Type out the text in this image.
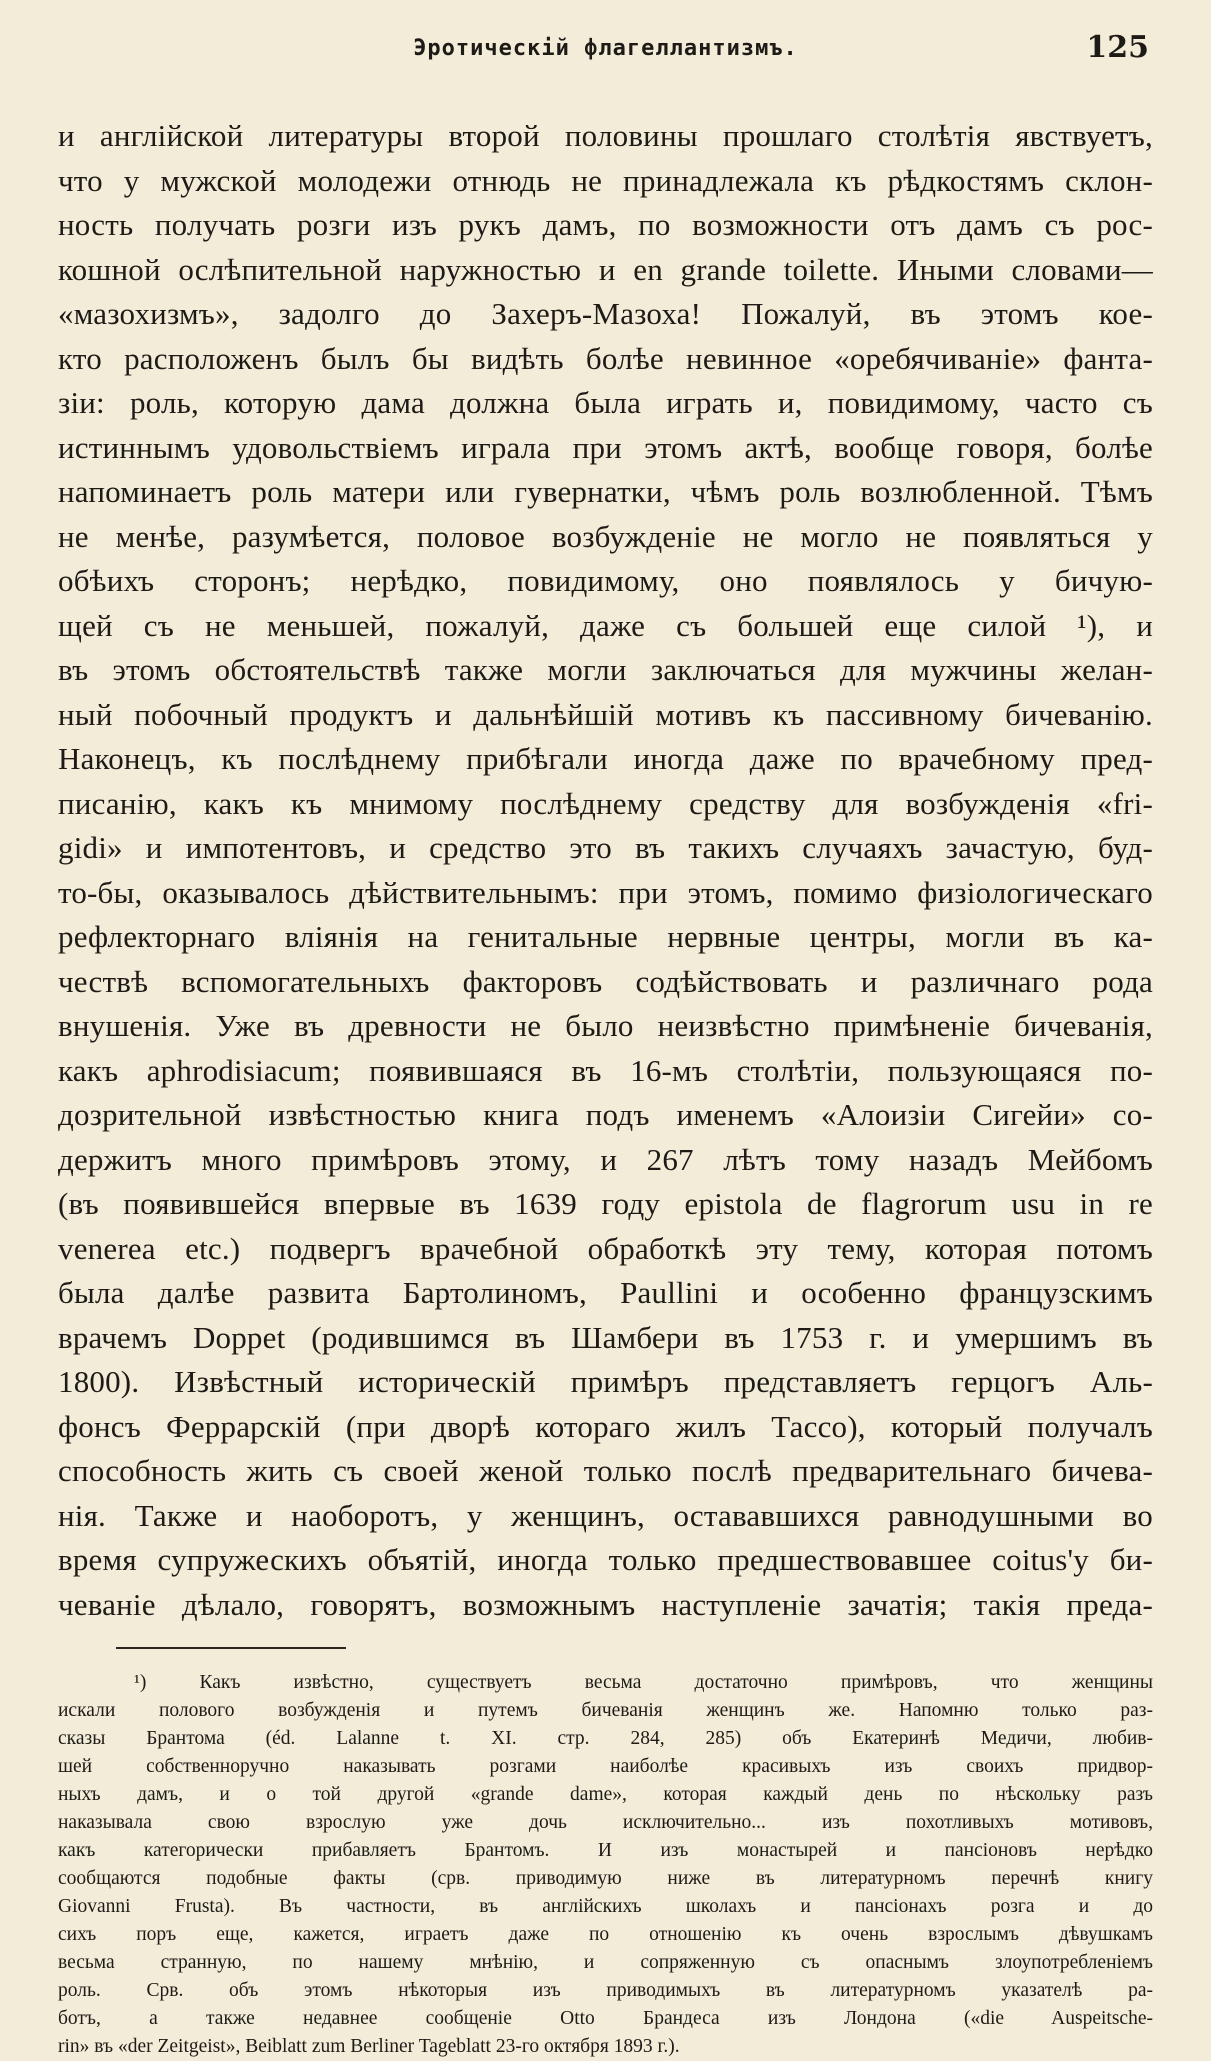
Эротическій флагеллантизмъ.	125
и англійской литературы второй половины прошлаго столѣтія явствуетъ,
что у мужской молодежи отнюдь не принадлежала къ рѣдкостямъ склон-
ность получать розги изъ рукъ дамъ, по возможности отъ дамъ съ рос-
кошной ослѣпительной наружностью и en grande toilette. Иными словами—
«мазохизмъ», задолго до Захеръ-Мазоха! Пожалуй, въ этомъ кое-
кто расположенъ былъ бы видѣть болѣе невинное «оребячиваніе» фанта-
зіи: роль, которую дама должна была играть и, повидимому, часто съ
истиннымъ удовольствіемъ играла при этомъ актѣ, вообще говоря, болѣе
напоминаетъ роль матери или гувернатки, чѣмъ роль возлюбленной. Тѣмъ
не менѣе, разумѣется, половое возбужденіе не могло не появляться у
обѣихъ сторонъ; нерѣдко, повидимому, оно появлялось у бичую-
щей съ не меньшей, пожалуй, даже съ большей еще силой ¹), и
въ этомъ обстоятельствѣ также могли заключаться для мужчины желан-
ный побочный продуктъ и дальнѣйшій мотивъ къ пассивному бичеванію.
Наконецъ, къ послѣднему прибѣгали иногда даже по врачебному пред-
писанію, какъ къ мнимому послѣднему средству для возбужденія «fri-
gidi» и импотентовъ, и средство это въ такихъ случаяхъ зачастую, буд-
то-бы, оказывалось дѣйствительнымъ: при этомъ, помимо физіологическаго
рефлекторнаго вліянія на генитальные нервные центры, могли въ ка-
чествѣ вспомогательныхъ факторовъ содѣйствовать и различнаго рода
внушенія. Уже въ древности не было неизвѣстно примѣненіе бичеванія,
какъ aphrodisiacum; появившаяся въ 16-мъ столѣтіи, пользующаяся по-
дозрительной извѣстностью книга подъ именемъ «Алоизіи Сигейи» со-
держитъ много примѣровъ этому, и 267 лѣтъ тому назадъ Мейбомъ
(въ появившейся впервые въ 1639 году epistola de flagrorum usu in re
venerea etc.) подвергъ врачебной обработкѣ эту тему, которая потомъ
была далѣе развита Бартолиномъ, Paullini и особенно французскимъ
врачемъ Doppet (родившимся въ Шамбери въ 1753 г. и умершимъ въ
1800). Извѣстный историческій примѣръ представляетъ герцогъ Аль-
фонсъ Феррарскій (при дворѣ котораго жилъ Тассо), который получалъ
способность жить съ своей женой только послѣ предварительнаго бичева-
нія. Также и наоборотъ, у женщинъ, остававшихся равнодушными во
время супружескихъ объятій, иногда только предшествовавшее coitus'у би-
чеваніе дѣлало, говорятъ, возможнымъ наступленіе зачатія; такія преда-
¹) Какъ извѣстно, существуетъ весьма достаточно примѣровъ, что женщины
искали полового возбужденія и путемъ бичеванія женщинъ же. Напомню только раз-
сказы Брантома (éd. Lalanne t. XI. стр. 284, 285) объ Екатеринѣ Медичи, любив-
шей собственноручно наказывать розгами наиболѣе красивыхъ изъ своихъ придвор-
ныхъ дамъ, и о той другой «grande dame», которая каждый день по нѣскольку разъ
наказывала свою взрослую уже дочь исключительно... изъ похотливыхъ мотивовъ,
какъ категорически прибавляетъ Брантомъ. И изъ монастырей и пансіоновъ нерѣдко
сообщаются подобные факты (срв. приводимую ниже въ литературномъ перечнѣ книгу
Giovanni Frusta). Въ частности, въ англійскихъ школахъ и пансіонахъ розга и до
сихъ поръ еще, кажется, играетъ даже по отношенію къ очень взрослымъ дѣвушкамъ
весьма странную, по нашему мнѣнію, и сопряженную съ опаснымъ злоупотребленіемъ
роль. Срв. объ этомъ нѣкоторыя изъ приводимыхъ въ литературномъ указателѣ ра-
ботъ, а также недавнее сообщеніе Otto Брандеса изъ Лондона («die Auspeitsche-
rin» въ «der Zeitgeist», Beiblatt zum Berliner Tageblatt 23-го октября 1893 г.).
